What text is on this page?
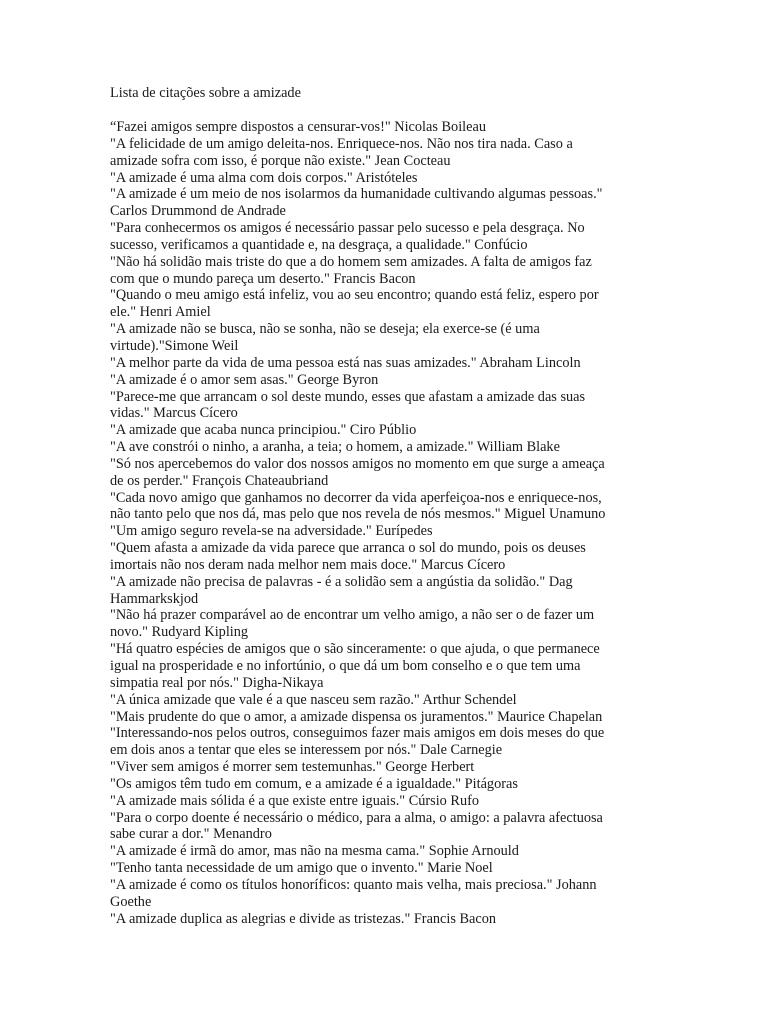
Lista de citações sobre a amizade
“Fazei amigos sempre dispostos a censurar-vos!" Nicolas Boileau
"A felicidade de um amigo deleita-nos. Enriquece-nos. Não nos tira nada. Caso a
amizade sofra com isso, é porque não existe." Jean Cocteau
"A amizade é uma alma com dois corpos." Aristóteles
"A amizade é um meio de nos isolarmos da humanidade cultivando algumas pessoas."
Carlos Drummond de Andrade
"Para conhecermos os amigos é necessário passar pelo sucesso e pela desgraça. No
sucesso, verificamos a quantidade e, na desgraça, a qualidade." Confúcio
"Não há solidão mais triste do que a do homem sem amizades. A falta de amigos faz
com que o mundo pareça um deserto." Francis Bacon
"Quando o meu amigo está infeliz, vou ao seu encontro; quando está feliz, espero por
ele." Henri Amiel
"A amizade não se busca, não se sonha, não se deseja; ela exerce-se (é uma
virtude)."Simone Weil
"A melhor parte da vida de uma pessoa está nas suas amizades." Abraham Lincoln
"A amizade é o amor sem asas." George Byron
"Parece-me que arrancam o sol deste mundo, esses que afastam a amizade das suas
vidas." Marcus Cícero
"A amizade que acaba nunca principiou." Ciro Públio
"A ave constrói o ninho, a aranha, a teia; o homem, a amizade." William Blake
"Só nos apercebemos do valor dos nossos amigos no momento em que surge a ameaça
de os perder." François Chateaubriand
"Cada novo amigo que ganhamos no decorrer da vida aperfeiçoa-nos e enriquece-nos,
não tanto pelo que nos dá, mas pelo que nos revela de nós mesmos." Miguel Unamuno
"Um amigo seguro revela-se na adversidade." Eurípedes
"Quem afasta a amizade da vida parece que arranca o sol do mundo, pois os deuses
imortais não nos deram nada melhor nem mais doce." Marcus Cícero
"A amizade não precisa de palavras - é a solidão sem a angústia da solidão." Dag
Hammarkskjod
"Não há prazer comparável ao de encontrar um velho amigo, a não ser o de fazer um
novo." Rudyard Kipling
"Há quatro espécies de amigos que o são sinceramente: o que ajuda, o que permanece
igual na prosperidade e no infortúnio, o que dá um bom conselho e o que tem uma
simpatia real por nós." Digha-Nikaya
"A única amizade que vale é a que nasceu sem razão." Arthur Schendel
"Mais prudente do que o amor, a amizade dispensa os juramentos." Maurice Chapelan
"Interessando-nos pelos outros, conseguimos fazer mais amigos em dois meses do que
em dois anos a tentar que eles se interessem por nós." Dale Carnegie
"Viver sem amigos é morrer sem testemunhas." George Herbert
"Os amigos têm tudo em comum, e a amizade é a igualdade." Pitágoras
"A amizade mais sólida é a que existe entre iguais." Cúrsio Rufo
"Para o corpo doente é necessário o médico, para a alma, o amigo: a palavra afectuosa
sabe curar a dor." Menandro
"A amizade é irmã do amor, mas não na mesma cama." Sophie Arnould
"Tenho tanta necessidade de um amigo que o invento." Marie Noel
"A amizade é como os títulos honoríficos: quanto mais velha, mais preciosa." Johann
Goethe
"A amizade duplica as alegrias e divide as tristezas." Francis Bacon
